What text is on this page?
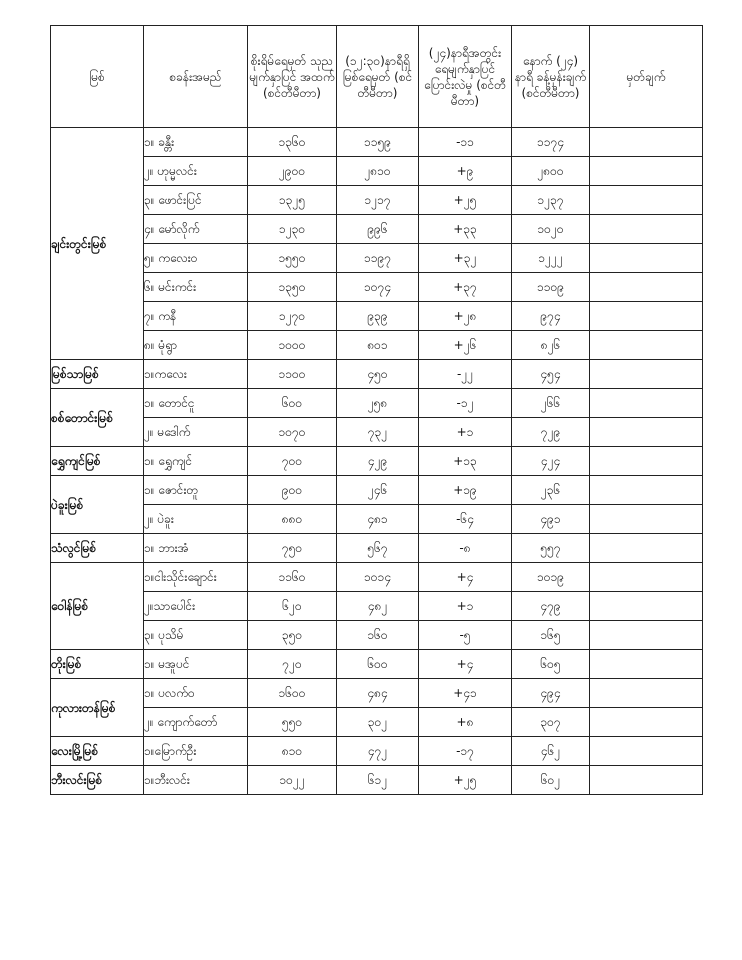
မြစ်	စခန်းအမည်	စိုးရိမ်ရေမှတ် သုညမျက်နှာပြင် အထက် (စင်တီမီတာ)	(၁၂:၃၀)နာရီရှိ မြစ်ရေမှတ် (စင်တီမီတာ)	(၂၄)နာရီအတွင်း ရေမျက်နှာပြင် ပြောင်းလဲမှု (စင်တီမီတာ)	နောက် (၂၄) နာရီ ခန့်မှန်းချက် (စင်တီမီတာ)	မှတ်ချက်
ချင်းတွင်းမြစ်	၁။ ခန္တီး	၁၃၆၀	၁၁၅၉	-၁၁	၁၁၇၄	
	၂။ ဟုမ္မလင်း	၂၉၀၀	၂၈၁၀	+၉	၂၈၀၀	
	၃။ ဖောင်းပြင်	၁၃၂၅	၁၂၁၇	+၂၅	၁၂၃၇	
	၄။ မော်လိုက်	၁၂၃၀	၉၉၆	+၃၃	၁၀၂၀	
	၅။ ကလေးဝ	၁၅၅၀	၁၁၉၇	+၃၂	၁၂၂၂	
	၆။ မင်းကင်း	၁၃၅၀	၁၀၇၄	+၃၇	၁၁၀၉	
	၇။ ကနီ	၁၂၇၀	၉၃၉	+၂၈	၉၇၄	
	၈။ မုံရွာ	၁၀၀၀	၈၀၁	+၂၆	၈၂၆	
မြစ်သာမြစ်	၁။ကလေး	၁၁၀၀	၄၅၀	-၂၂	၄၅၄	
စစ်တောင်းမြစ်	၁။ တောင်ငူ	၆၀၀	၂၅၈	-၁၂	၂၆၆	
	၂။ မဒေါက်	၁၀၇၀	၇၃၂	+၁	၇၂၉	
ရွှေကျင်မြစ်	၁။ ရွှေကျင်	၇၀၀	၄၂၉	+၁၃	၄၂၄	
ပဲခူးမြစ်	၁။ ဇောင်းတူ	၉၀၀	၂၄၆	+၁၉	၂၃၆	
	၂။ ပဲခူး	၈၈၀	၄၈၁	-၆၄	၄၉၁	
သံလွင်မြစ်	၁။ ဘားအံ	၇၅၀	၅၆၇	-၈	၅၅၇	
ဝေါန်မြစ်	၁။ငါးသိုင်းချောင်း	၁၁၆၀	၁၀၁၄	+၄	၁၀၁၉	
	၂။သာပေါင်း	၆၂၀	၄၈၂	+၁	၄၇၉	
	၃။ ပုသိမ်	၃၅၀	၁၆၀	-၅	၁၆၅	
တိုးမြစ်	၁။ မအူပင်	၇၂၀	၆၀၀	+၄	၆၀၅	
ကုလားတန်မြစ်	၁။ ပလက်ဝ	၁၆၀၀	၄၈၄	+၄၁	၄၉၄	
	၂။ ကျောက်တော်	၅၅၀	၃၀၂	+၈	၃၀၇	
လေးမြို့မြစ်	၁။မြောက်ဦး	၈၁၀	၄၇၂	-၁၇	၄၆၂	
ဘီးလင်းမြစ်	၁။ဘီးလင်း	၁၀၂၂	၆၁၂	+၂၅	၆၀၂	
